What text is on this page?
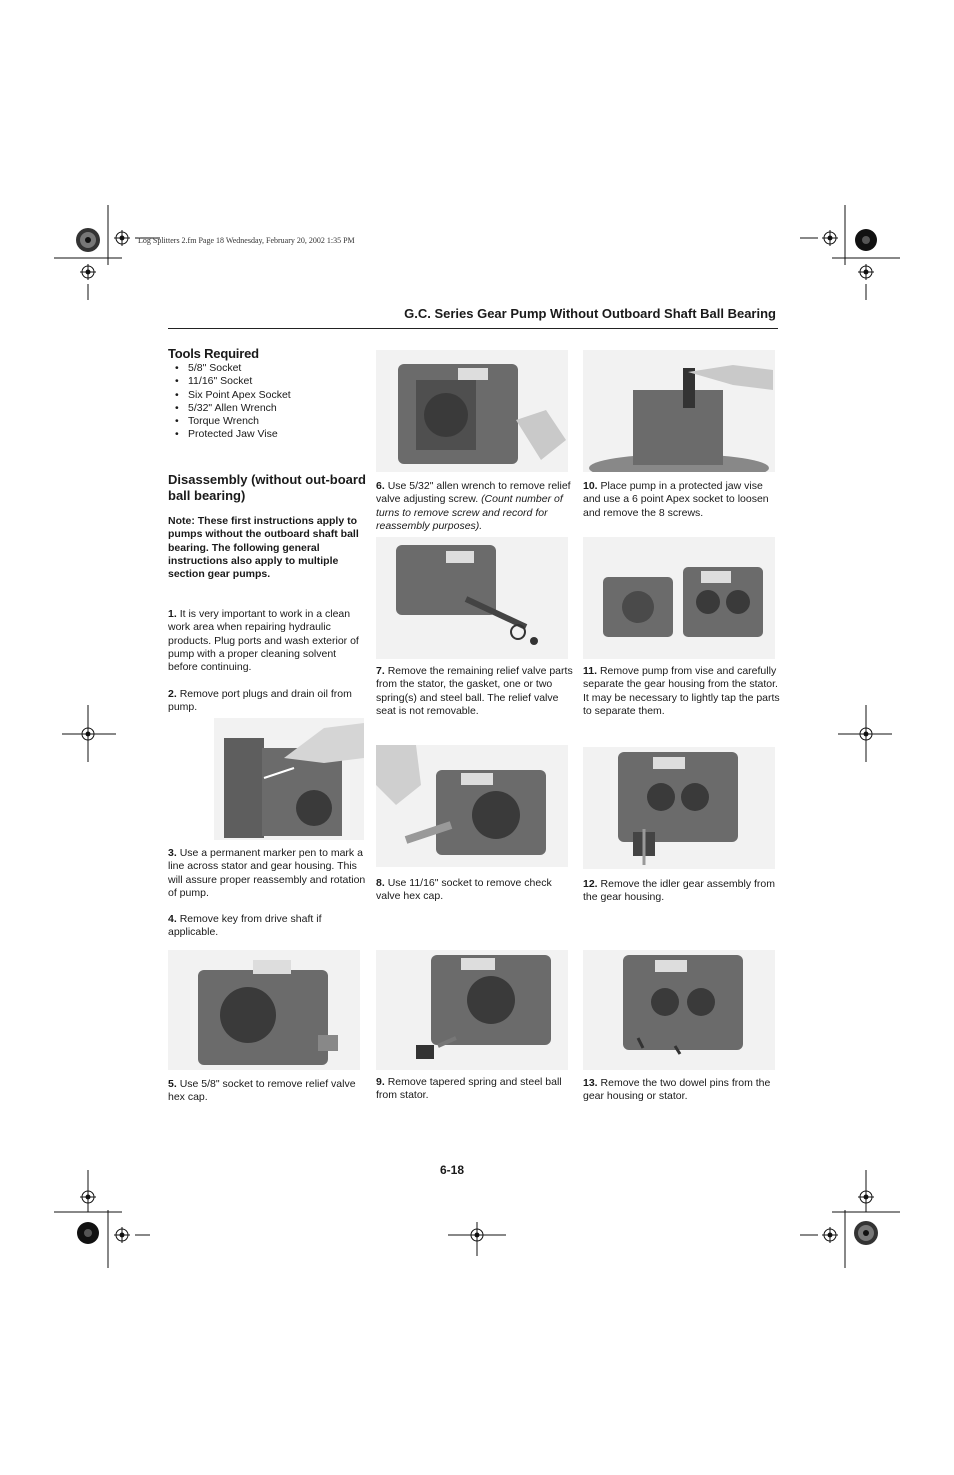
Log Splitters 2.fm Page 18 Wednesday, February 20, 2002 1:35 PM
G.C. Series Gear Pump Without Outboard Shaft Ball Bearing
Tools Required
• 5/8" Socket
• 11/16" Socket
• Six Point Apex Socket
• 5/32" Allen Wrench
• Torque Wrench
• Protected Jaw Vise
Disassembly (without out-board ball bearing)
Note: These first instructions apply to pumps without the outboard shaft ball bearing. The following general instructions also apply to multiple section gear pumps.
1. It is very important to work in a clean work area when repairing hydraulic products. Plug ports and wash exterior of pump with a proper cleaning solvent before continuing.
2. Remove port plugs and drain oil from pump.
3. Use a permanent marker pen to mark a line across stator and gear housing. This will assure proper reassembly and rotation of pump.
4. Remove key from drive shaft if applicable.
5. Use 5/8" socket to remove relief valve hex cap.
6. Use 5/32" allen wrench to remove relief valve adjusting screw. (Count number of turns to remove screw and record for reassembly purposes).
7. Remove the remaining relief valve parts from the stator, the gasket, one or two spring(s) and steel ball. The relief valve seat is not removable.
8. Use 11/16" socket to remove check valve hex cap.
9. Remove tapered spring and steel ball from stator.
10. Place pump in a protected jaw vise and use a 6 point Apex socket to loosen and remove the 8 screws.
11. Remove pump from vise and carefully separate the gear housing from the stator. It may be necessary to lightly tap the parts to separate them.
12. Remove the idler gear assembly from the gear housing.
13. Remove the two dowel pins from the gear housing or stator.
6-18
